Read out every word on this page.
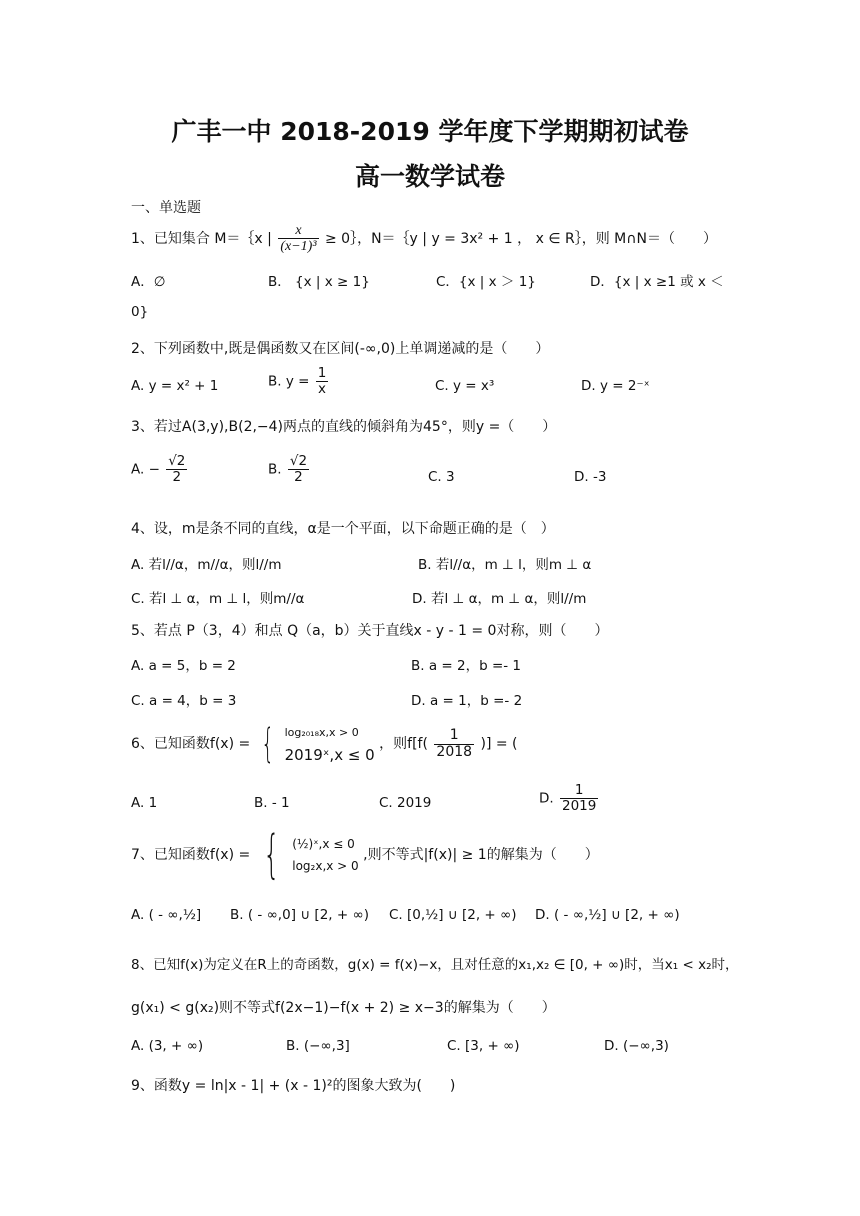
广丰一中 2018-2019 学年度下学期期初试卷
高一数学试卷
一、单选题
1、已知集合 M＝｛x | $\frac{x}{\text{(x−1)³}}$ ≥ 0｝，N＝｛y | y = 3x² + 1 ， x ∈ R｝，则 M∩N＝（　　）
A．∅	B． {x | x ≥ 1}	C．{x | x ＞ 1}	D．{x | x ≥1 或 x ＜
0}
2、下列函数中,既是偶函数又在区间(-∞,0)上单调递减的是（　　）
A. y = x² + 1	B. $y = \frac{1}{x}$	C. y = x³	D. y = 2⁻ˣ
3、若过A(3,y),B(2,−4)两点的直线的倾斜角为45°，则y =（　　）
A. − $\frac{√2}{2}$	B. $\frac{√2}{2}$	C. 3	D. -3
4、设，m是条不同的直线，α是一个平面，以下命题正确的是（　）
A. 若l//α，m//α，则l//m	B. 若l//α，m ⊥ l，则m ⊥ α
C. 若l ⊥ α，m ⊥ l，则m//α	D. 若l ⊥ α，m ⊥ α，则l//m
5、若点 P（3，4）和点 Q（a，b）关于直线x - y - 1 = 0对称，则（　　）
A. a = 5，b = 2	B. a = 2，b =- 1
C. a = 4，b = 3	D. a = 1，b =- 2
6、已知函数f(x) = { log₂₀₁₈x,x > 0
2019ˣ,x ≤ 0
，则$f[f( \frac{1}{2018}$ )] = (
A. 1	B. - 1	C. 2019	D. $\frac{1}{2019}$
7、已知函数f(x) = { (½)ˣ,x ≤ 0
log₂x,x > 0
,则不等式|f(x)| ≥ 1的解集为（　　）
A. ( - ∞,½] B. ( - ∞,0] ∪ [2, + ∞) C. [0,½] ∪ [2, + ∞) D. ( - ∞,½] ∪ [2, + ∞)
8、已知f(x)为定义在R上的奇函数，g(x) = f(x)−x，且对任意的x₁,x₂ ∈ [0, + ∞)时，当x₁ < x₂时，
g(x₁) < g(x₂)则不等式f(2x−1)−f(x + 2) ≥ x−3的解集为（　　）
A. (3, + ∞)	B. (−∞,3]	C. [3, + ∞)	D. (−∞,3)
9、函数y = ln|x - 1| + (x - 1)²的图象大致为(　　)
